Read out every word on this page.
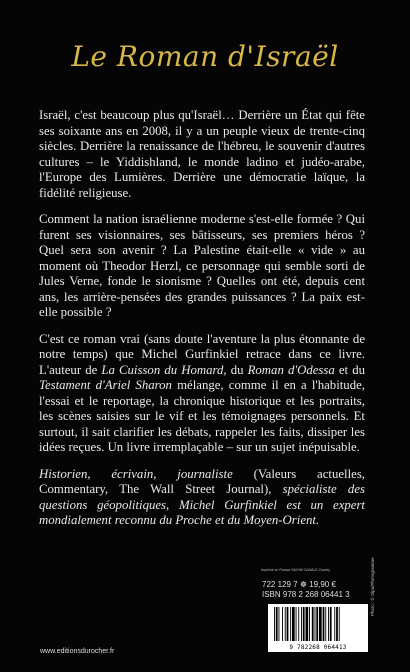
Le Roman d'Israël

Israël, c'est beaucoup plus qu'Israël… Derrière un État qui fête ses soixante ans en 2008, il y a un peuple vieux de trente-cinq siècles. Derrière la renaissance de l'hébreu, le souvenir d'autres cultures – le Yiddishland, le monde ladino et judéo-arabe, l'Europe des Lumières. Derrière une démocratie laïque, la fidélité religieuse.

Comment la nation israélienne moderne s'est-elle formée ? Qui furent ses visionnaires, ses bâtisseurs, ses premiers héros ? Quel sera son avenir ? La Palestine était-elle « vide » au moment où Theodor Herzl, ce personnage qui semble sorti de Jules Verne, fonde le sionisme ? Quelles ont été, depuis cent ans, les arrière-pensées des grandes puissances ? La paix est-elle possible ?

C'est ce roman vrai (sans doute l'aventure la plus étonnante de notre temps) que Michel Gurfinkiel retrace dans ce livre. L'auteur de La Cuisson du Homard, du Roman d'Odessa et du Testament d'Ariel Sharon mélange, comme il en a l'habitude, l'essai et le reportage, la chronique historique et les portraits, les scènes saisies sur le vif et les témoignages personnels. Et surtout, il sait clarifier les débats, rappeler les faits, dissiper les idées reçues. Un livre irremplaçable – sur un sujet inépuisable.

Historien, écrivain, journaliste (Valeurs actuelles, Commentary, The Wall Street Journal), spécialiste des questions géopolitiques, Michel Gurfinkiel est un expert mondialement reconnu du Proche et du Moyen-Orient.

Imprimé en France SAGIM CANALE Courtry
722 129 7 ☸ 19,90 €
ISBN 978 2 268 06441 3	Photo : © Sipa/Photogramme
9 782268 064413
www.editionsdurocher.fr
